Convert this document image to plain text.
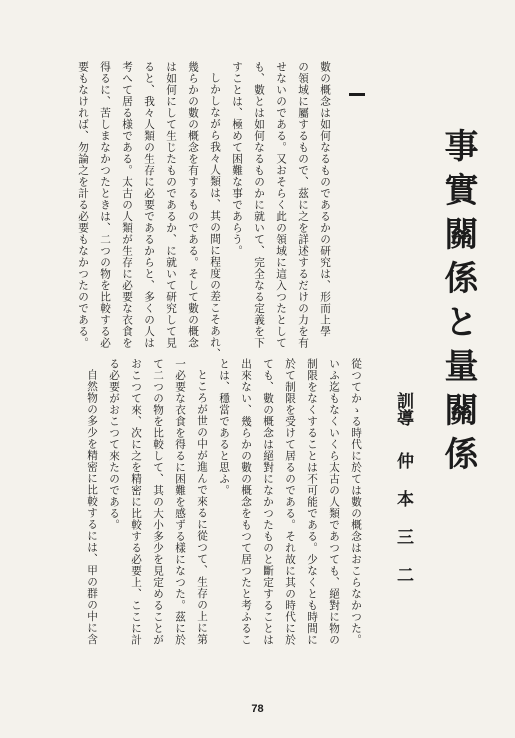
事實關係と量關係
訓導
仲本三二
數の概念は如何なるものであるかの研究は、形而上學
の領域に屬するもので、茲に之を詳述するだけの力を有
せないのである。又おそらく此の領域に這入つたとして
も、數とは如何なるものかに就いて、完全なる定義を下
すことは、極めて困難な事であらう。
しかしながら我々人類は、其の間に程度の差こそあれ、
幾らかの數の概念を有するものである。そして數の概念
は如何にして生じたものであるか、に就いて研究して見
ると、我々人類の生存に必要であるからと、多くの人は
考へて居る様である。太古の人類が生存に必要な衣食を
得るに、苦しまなかつたときは、二つの物を比較する必
要もなければ、勿論之を計る必要もなかつたのである。
從つてかゝる時代に於ては數の概念はおこらなかつた。
いふ迄もなくいくら太古の人類であつても、絕對に物の
制限をなくすることは不可能である。少なくとも時間に
於て制限を受けて居るのである。それ故に其の時代に於
ても、數の概念は絕對になかつたものと斷定することは
出來ない、幾らかの數の概念をもつて居つたと考ふるこ
とは、穩當であると思ふ。
ところが世の中が進んで來るに從つて、生存の上に第
一必要な衣食を得るに困難を感ずる樣になつた。茲に於
て二つの物を比較して、其の大小多少を見定めることが
おこつて來、次に之を精密に比較する必要上、ここに計
る必要がおこつて來たのである。
自然物の多少を精密に比較するには、甲の群の中に含
78
